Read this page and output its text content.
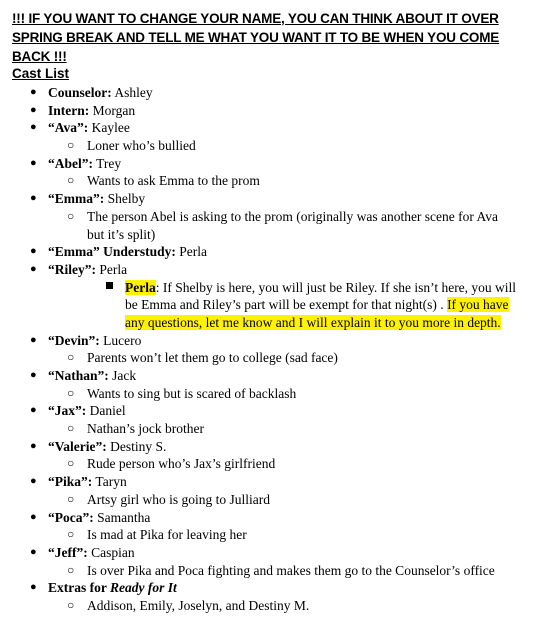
!!! IF YOU WANT TO CHANGE YOUR NAME, YOU CAN THINK ABOUT IT OVER SPRING BREAK AND TELL ME WHAT YOU WANT IT TO BE WHEN YOU COME BACK !!!
Cast List
● Counselor: Ashley
● Intern: Morgan
● “Ava”: Kaylee
○ Loner who’s bullied
● “Abel”: Trey
○ Wants to ask Emma to the prom
● “Emma”: Shelby
○ The person Abel is asking to the prom (originally was another scene for Ava but it’s split)
● “Emma” Understudy: Perla
● “Riley”: Perla
Perla: If Shelby is here, you will just be Riley. If she isn’t here, you will be Emma and Riley’s part will be exempt for that night(s) . If you have any questions, let me know and I will explain it to you more in depth.
● “Devin”: Lucero
○ Parents won’t let them go to college (sad face)
● “Nathan”: Jack
○ Wants to sing but is scared of backlash
● “Jax”: Daniel
○ Nathan’s jock brother
● “Valerie”: Destiny S.
○ Rude person who’s Jax’s girlfriend
● “Pika”: Taryn
○ Artsy girl who is going to Julliard
● “Poca”: Samantha
○ Is mad at Pika for leaving her
● “Jeff”: Caspian
○ Is over Pika and Poca fighting and makes them go to the Counselor’s office
● Extras for Ready for It
○ Addison, Emily, Joselyn, and Destiny M.
